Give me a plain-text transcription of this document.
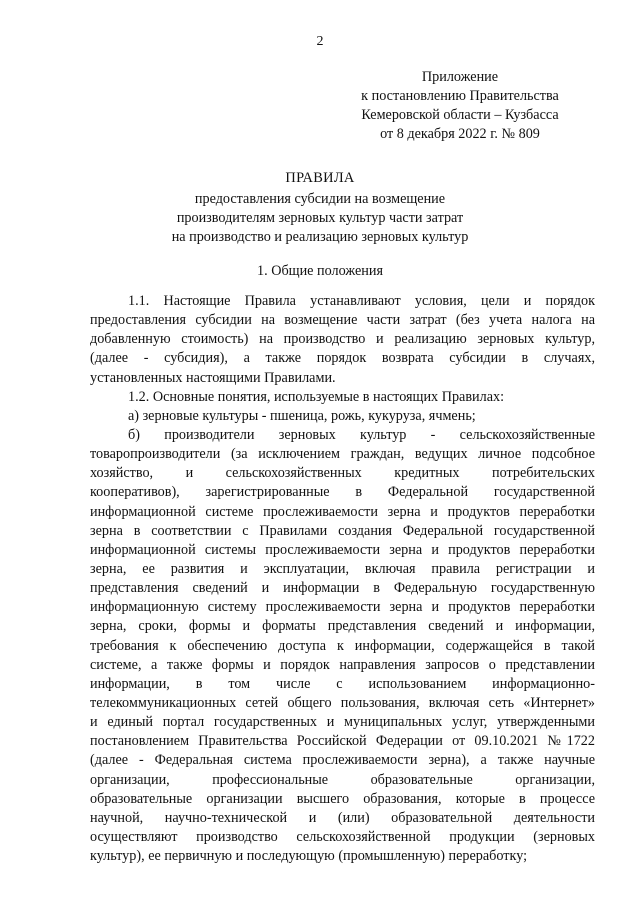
2
Приложение
к постановлению Правительства
Кемеровской области – Кузбасса
от 8 декабря 2022 г. № 809
ПРАВИЛА
предоставления субсидии на возмещение
производителям зерновых культур части затрат
на производство и реализацию зерновых культур
1. Общие положения
1.1. Настоящие Правила устанавливают условия, цели и порядок
предоставления субсидии на возмещение части затрат (без учета налога на
добавленную стоимость) на производство и реализацию зерновых культур,
(далее - субсидия), а также порядок возврата субсидии в случаях,
установленных настоящими Правилами.
1.2. Основные понятия, используемые в настоящих Правилах:
а) зерновые культуры - пшеница, рожь, кукуруза, ячмень;
б) производители зерновых культур - сельскохозяйственные
товаропроизводители (за исключением граждан, ведущих личное подсобное
хозяйство, и сельскохозяйственных кредитных потребительских
кооперативов), зарегистрированные в Федеральной государственной
информационной системе прослеживаемости зерна и продуктов переработки
зерна в соответствии с Правилами создания Федеральной государственной
информационной системы прослеживаемости зерна и продуктов переработки
зерна, ее развития и эксплуатации, включая правила регистрации и
представления сведений и информации в Федеральную государственную
информационную систему прослеживаемости зерна и продуктов переработки
зерна, сроки, формы и форматы представления сведений и информации,
требования к обеспечению доступа к информации, содержащейся в такой
системе, а также формы и порядок направления запросов о представлении
информации, в том числе с использованием информационно-
телекоммуникационных сетей общего пользования, включая сеть «Интернет»
и единый портал государственных и муниципальных услуг, утвержденными
постановлением Правительства Российской Федерации от 09.10.2021 №1722
(далее - Федеральная система прослеживаемости зерна), а также научные
организации, профессиональные образовательные организации,
образовательные организации высшего образования, которые в процессе
научной, научно-технической и (или) образовательной деятельности
осуществляют производство сельскохозяйственной продукции (зерновых
культур), ее первичную и последующую (промышленную) переработку;
